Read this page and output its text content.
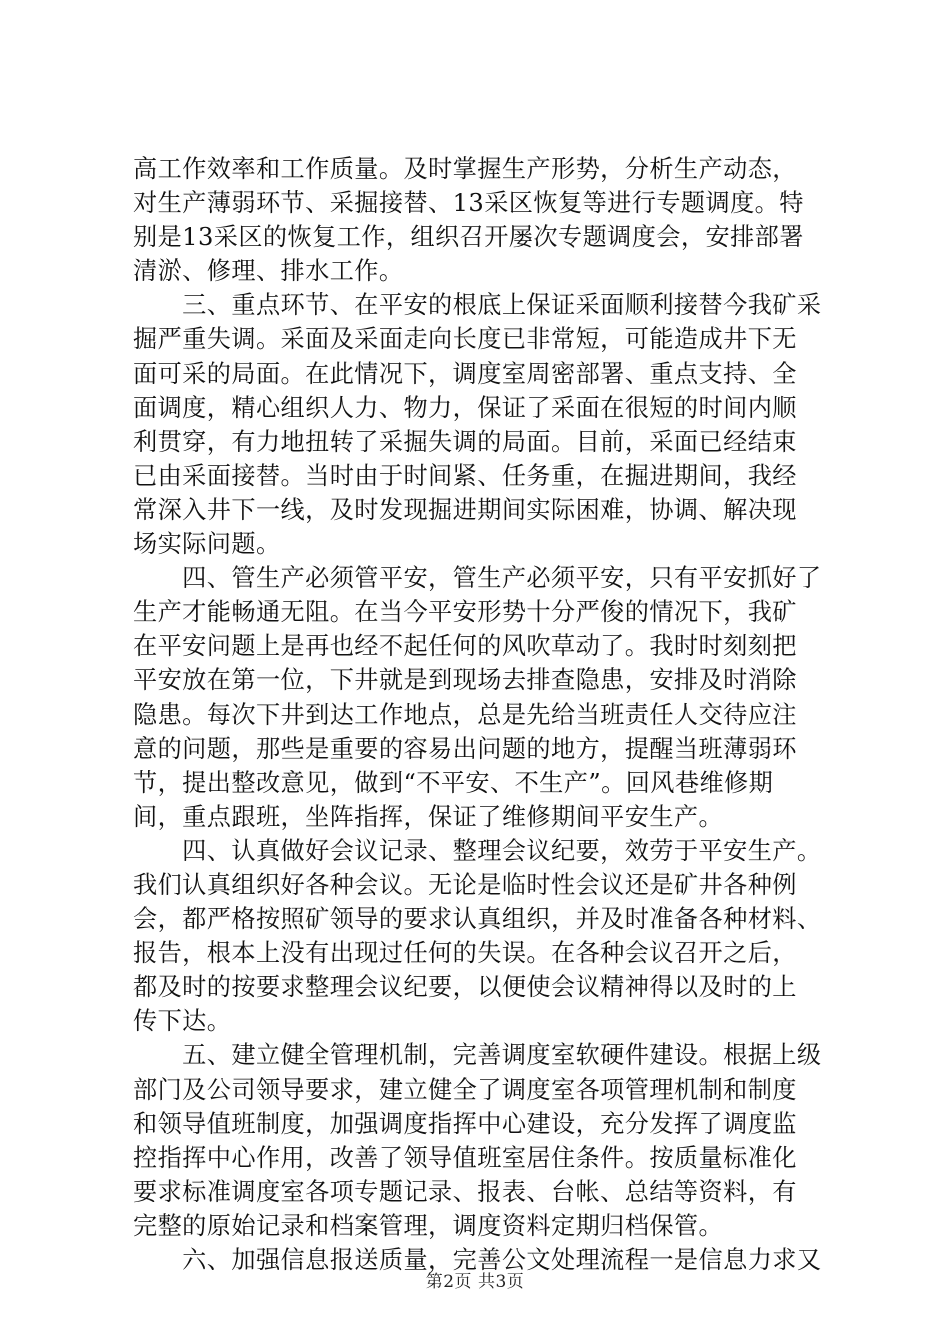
高工作效率和工作质量。及时掌握生产形势，分析生产动态，
对生产薄弱环节、采掘接替、13采区恢复等进行专题调度。特
别是13采区的恢复工作，组织召开屡次专题调度会，安排部署
清淤、修理、排水工作。
　　三、重点环节、在平安的根底上保证采面顺利接替今我矿采
掘严重失调。采面及采面走向长度已非常短，可能造成井下无
面可采的局面。在此情况下，调度室周密部署、重点支持、全
面调度，精心组织人力、物力，保证了采面在很短的时间内顺
利贯穿，有力地扭转了采掘失调的局面。目前，采面已经结束
已由采面接替。当时由于时间紧、任务重，在掘进期间，我经
常深入井下一线，及时发现掘进期间实际困难，协调、解决现
场实际问题。
　　四、管生产必须管平安，管生产必须平安，只有平安抓好了
生产才能畅通无阻。在当今平安形势十分严俊的情况下，我矿
在平安问题上是再也经不起任何的风吹草动了。我时时刻刻把
平安放在第一位，下井就是到现场去排查隐患，安排及时消除
隐患。每次下井到达工作地点，总是先给当班责任人交待应注
意的问题，那些是重要的容易出问题的地方，提醒当班薄弱环
节，提出整改意见，做到“不平安、不生产”。回风巷维修期
间，重点跟班，坐阵指挥，保证了维修期间平安生产。
　　四、认真做好会议记录、整理会议纪要，效劳于平安生产。
我们认真组织好各种会议。无论是临时性会议还是矿井各种例
会，都严格按照矿领导的要求认真组织，并及时准备各种材料、
报告，根本上没有出现过任何的失误。在各种会议召开之后，
都及时的按要求整理会议纪要，以便使会议精神得以及时的上
传下达。
　　五、建立健全管理机制，完善调度室软硬件建设。根据上级
部门及公司领导要求，建立健全了调度室各项管理机制和制度
和领导值班制度，加强调度指挥中心建设，充分发挥了调度监
控指挥中心作用，改善了领导值班室居住条件。按质量标准化
要求标准调度室各项专题记录、报表、台帐、总结等资料，有
完整的原始记录和档案管理，调度资料定期归档保管。
　　六、加强信息报送质量，完善公文处理流程一是信息力求又
第2页 共3页
